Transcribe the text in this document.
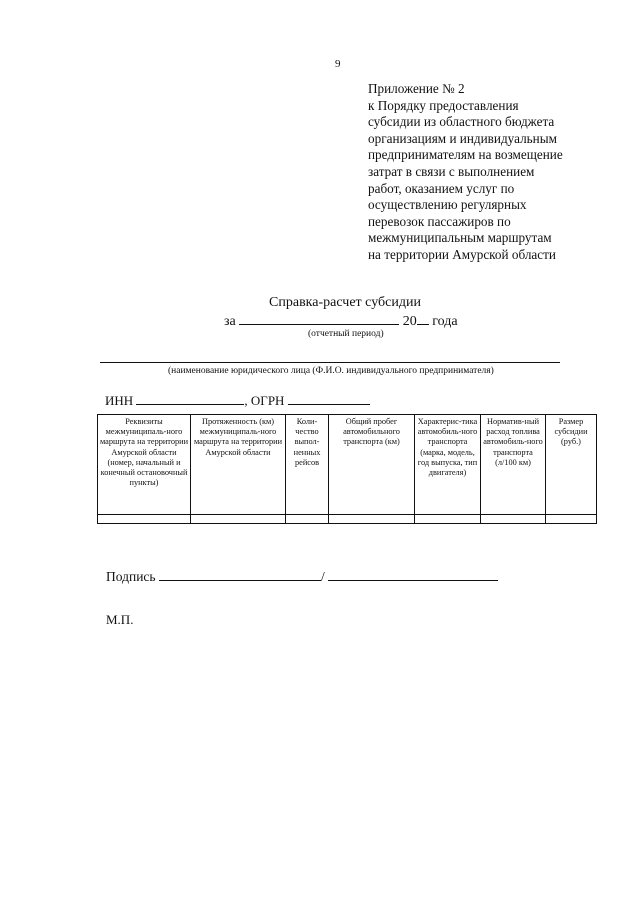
9
Приложение № 2
к Порядку предоставления
субсидии из областного бюджета
организациям и индивидуальным
предпринимателям на возмещение
затрат в связи с выполнением
работ, оказанием услуг по
осуществлению регулярных
перевозок пассажиров по
межмуниципальным маршрутам
на территории Амурской области
Справка-расчет субсидии
за	20 года
(отчетный период)
(наименование юридического лица (Ф.И.О. индивидуального предпринимателя)
ИНН	, ОГРН
Реквизиты межмуниципаль-ного маршрута на территории Амурской области (номер, начальный и конечный остановочный пункты)	Протяженность (км) межмуниципаль-ного маршрута на территории Амурской области	Коли-чество выпол-ненных рейсов	Общий пробег автомобильного транспорта (км)	Характерис-тика автомобиль-ного транспорта (марка, модель, год выпуска, тип двигателя)	Норматив-ный расход топлива автомобиль-ного транспорта (л/100 км)	Размер субсидии (руб.)

Подпись	/
М.П.
